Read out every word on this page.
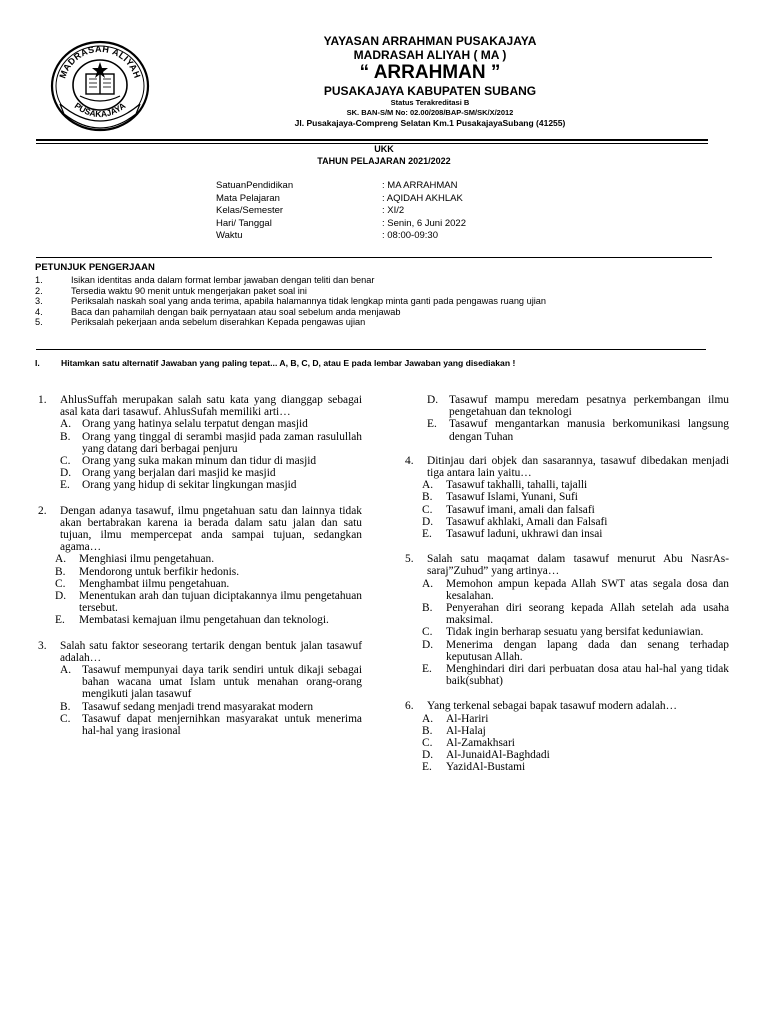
MADRASAH ALIYAH
PUSAKAJAYA
YAYASAN ARRAHMAN PUSAKAJAYA
MADRASAH ALIYAH ( MA )
“ ARRAHMAN ”
PUSAKAJAYA KABUPATEN SUBANG
Status Terakreditasi B
SK. BAN-S/M No: 02.00/208/BAP-SM/SK/X/2012
Jl. Pusakajaya-Compreng Selatan Km.1 PusakajayaSubang (41255)
UKK
TAHUN PELAJARAN 2021/2022
SatuanPendidikan	: MA ARRAHMAN
Mata Pelajaran	: AQIDAH AKHLAK
Kelas/Semester	: XI/2
Hari/ Tanggal	: Senin, 6 Juni 2022
Waktu	: 08:00-09:30
PETUNJUK PENGERJAAN
1.	Isikan identitas anda dalam format lembar jawaban dengan teliti dan benar
2.	Tersedia waktu 90 menit untuk mengerjakan paket soal ini
3.	Periksalah naskah soal yang anda terima, apabila halamannya tidak lengkap minta ganti pada pengawas ruang ujian
4.	Baca dan pahamilah dengan baik pernyataan atau soal sebelum anda menjawab
5.	Periksalah pekerjaan anda sebelum diserahkan Kepada pengawas ujian
I. Hitamkan satu alternatif Jawaban yang paling tepat... A, B, C, D, atau E pada lembar Jawaban yang disediakan !
1. AhlusSuffah merupakan salah satu kata yang dianggap sebagai asal kata dari tasawuf. AhlusSufah memiliki arti…
A. Orang yang hatinya selalu terpatut dengan masjid
B. Orang yang tinggal di serambi masjid pada zaman rasulullah yang datang dari berbagai penjuru
C. Orang yang suka makan minum dan tidur di masjid
D. Orang yang berjalan dari masjid ke masjid
E. Orang yang hidup di sekitar lingkungan masjid
2. Dengan adanya tasawuf, ilmu pngetahuan satu dan lainnya tidak akan bertabrakan karena ia berada dalam satu jalan dan satu tujuan, ilmu mempercepat anda sampai tujuan, sedangkan agama…
A. Menghiasi ilmu pengetahuan.
B. Mendorong untuk berfikir hedonis.
C. Menghambat iilmu pengetahuan.
D. Menentukan arah dan tujuan diciptakannya ilmu pengetahuan tersebut.
E. Membatasi kemajuan ilmu pengetahuan dan teknologi.
3. Salah satu faktor seseorang tertarik dengan bentuk jalan tasawuf adalah…
A. Tasawuf mempunyai daya tarik sendiri untuk dikaji sebagai bahan wacana umat Islam untuk menahan orang-orang mengikuti jalan tasawuf
B. Tasawuf sedang menjadi trend masyarakat modern
C. Tasawuf dapat menjernihkan masyarakat untuk menerima hal-hal yang irasional
D. Tasawuf mampu meredam pesatnya perkembangan ilmu pengetahuan dan teknologi
E. Tasawuf mengantarkan manusia berkomunikasi langsung dengan Tuhan
4. Ditinjau dari objek dan sasarannya, tasawuf dibedakan menjadi tiga antara lain yaitu…
A. Tasawuf takhalli, tahalli, tajalli
B. Tasawuf Islami, Yunani, Sufi
C. Tasawuf imani, amali dan falsafi
D. Tasawuf akhlaki, Amali dan Falsafi
E. Tasawuf laduni, ukhrawi dan insai
5. Salah satu maqamat dalam tasawuf menurut Abu NasrAs-saraj”Zuhud” yang artinya…
A. Memohon ampun kepada Allah SWT atas segala dosa dan kesalahan.
B. Penyerahan diri seorang kepada Allah setelah ada usaha maksimal.
C. Tidak ingin berharap sesuatu yang bersifat keduniawian.
D. Menerima dengan lapang dada dan senang terhadap keputusan Allah.
E. Menghindari diri dari perbuatan dosa atau hal-hal yang tidak baik(subhat)
6. Yang terkenal sebagai bapak tasawuf modern adalah…
A. Al-Hariri
B. Al-Halaj
C. Al-Zamakhsari
D. Al-JunaidAl-Baghdadi
E. YazidAl-Bustami
